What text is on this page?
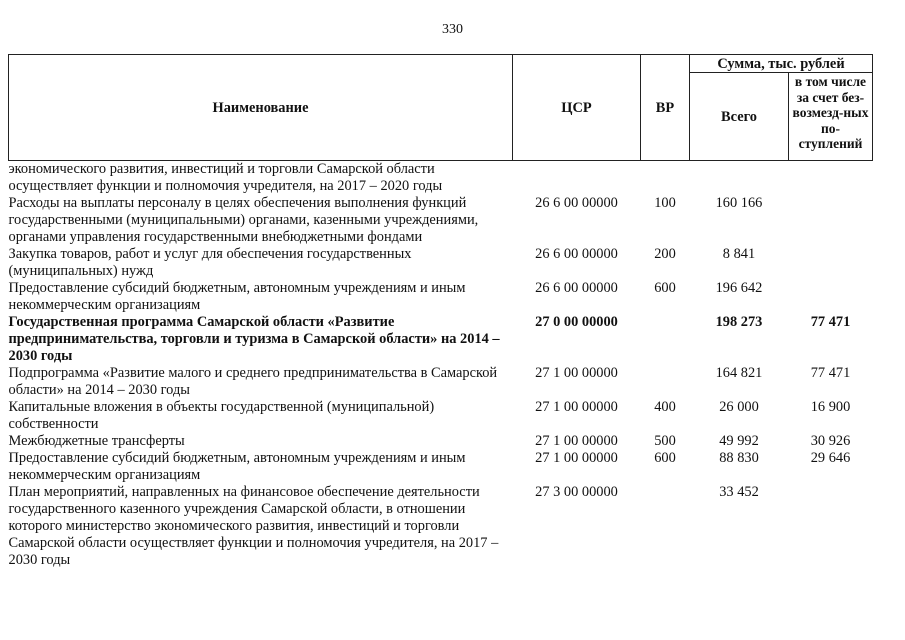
330
Наименование	ЦСР	ВР	Сумма, тыс. рублей	
			Всего	в том числе за счет без-возмезд-ных по-ступлений
экономического развития, инвестиций и торговли Самарской области осуществляет функции и полномочия учредителя, на 2017 – 2020 годы				
Расходы на выплаты персоналу в целях обеспечения выполнения функций государственными (муниципальными) органами, казенными учреждениями, органами управления государственными внебюджетными фондами	26 6 00 00000	100	160 166	
Закупка товаров, работ и услуг для обеспечения государственных (муниципальных) нужд	26 6 00 00000	200	8 841	
Предоставление субсидий бюджетным, автономным учреждениям и иным некоммерческим организациям	26 6 00 00000	600	196 642	
Государственная программа Самарской области «Развитие предпринимательства, торговли и туризма в Самарской области» на 2014 – 2030 годы	27 0 00 00000		198 273	77 471
Подпрограмма «Развитие малого и среднего предпринимательства в Самарской области» на 2014 – 2030 годы	27 1 00 00000		164 821	77 471
Капитальные вложения в объекты государственной (муниципальной) собственности	27 1 00 00000	400	26 000	16 900
Межбюджетные трансферты	27 1 00 00000	500	49 992	30 926
Предоставление субсидий бюджетным, автономным учреждениям и иным некоммерческим организациям	27 1 00 00000	600	88 830	29 646
План мероприятий, направленных на финансовое обеспечение деятельности государственного казенного учреждения Самарской области, в отношении которого министерство экономического развития, инвестиций и торговли Самарской области осуществляет функции и полномочия учредителя, на 2017 – 2030 годы	27 3 00 00000		33 452	
